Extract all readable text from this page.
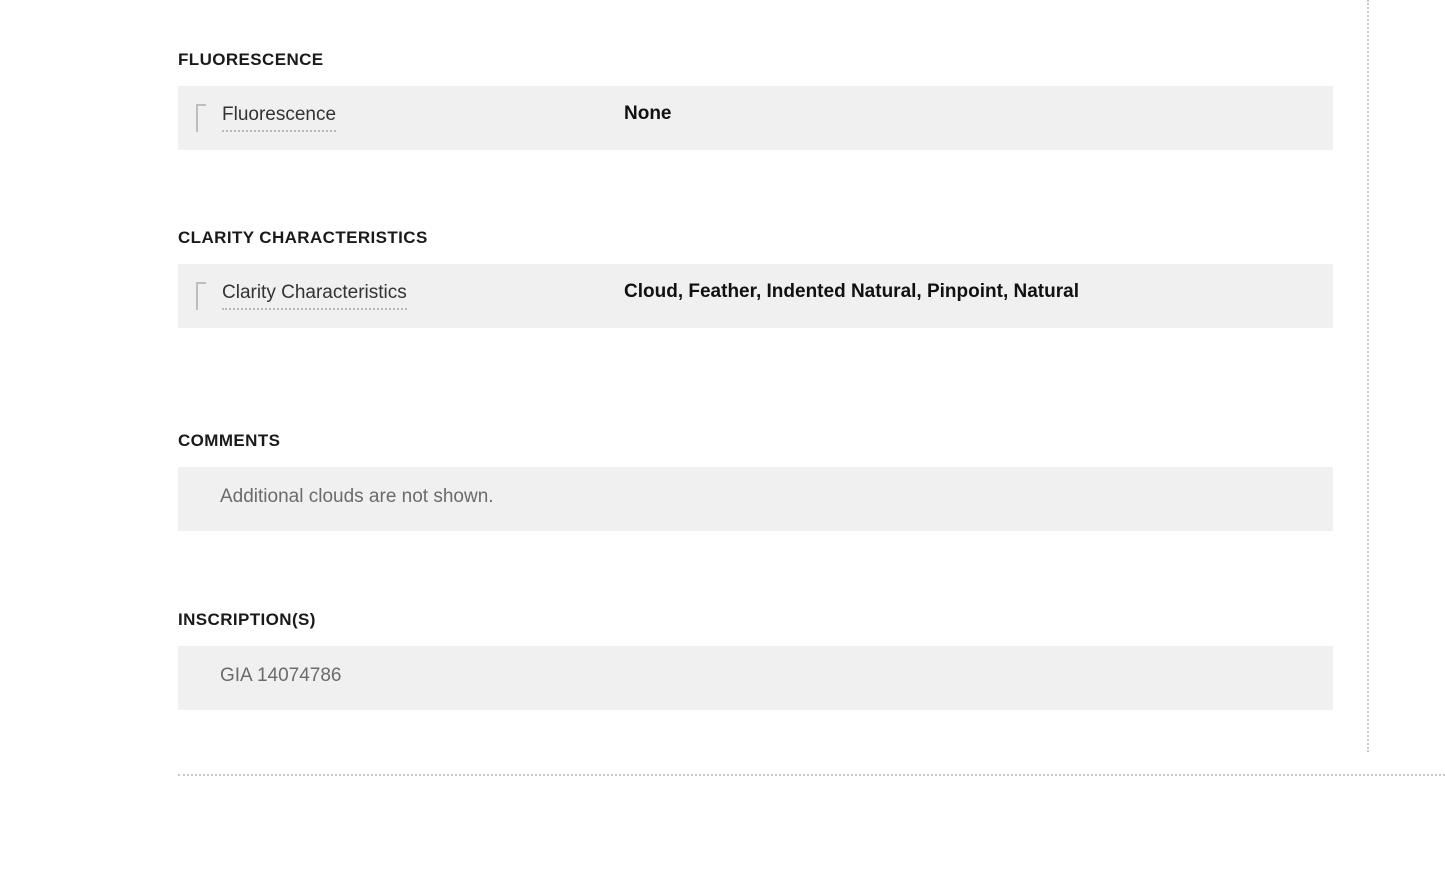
FLUORESCENCE
Fluorescence	None
CLARITY CHARACTERISTICS
Clarity Characteristics	Cloud, Feather, Indented Natural, Pinpoint, Natural
COMMENTS
Additional clouds are not shown.
INSCRIPTION(S)
GIA 14074786
